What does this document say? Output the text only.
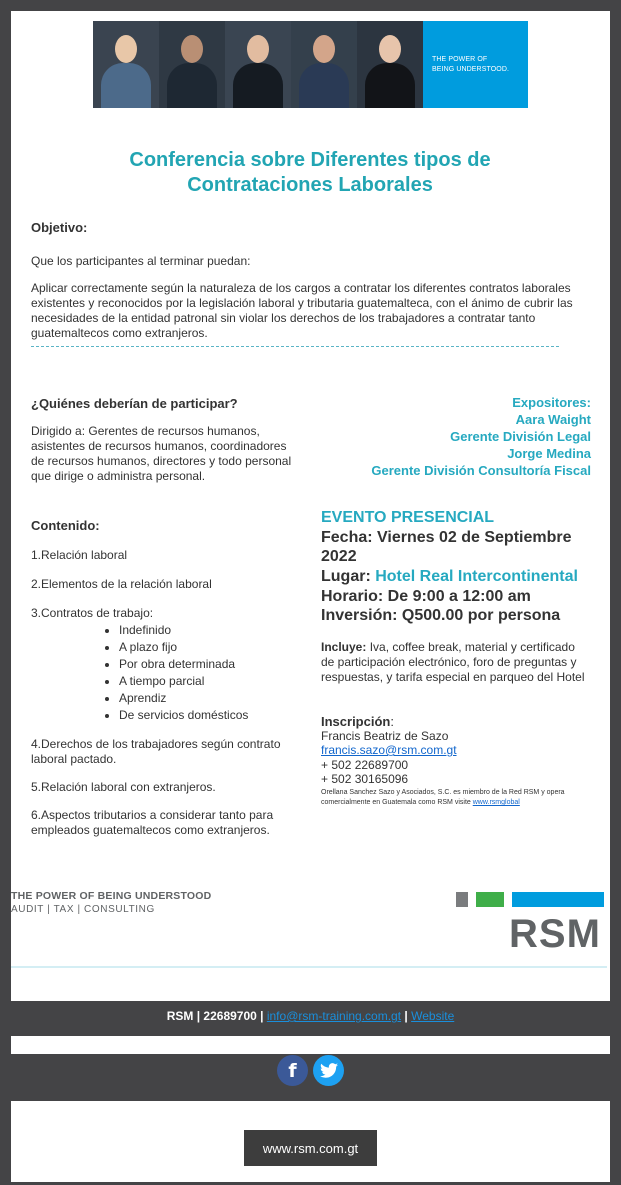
THE POWER OF
BEING UNDERSTOOD.
Conferencia sobre Diferentes tipos de
Contrataciones Laborales
Objetivo:
Que los participantes al terminar puedan:
Aplicar correctamente según la naturaleza de los cargos a contratar los diferentes contratos laborales existentes y reconocidos por la legislación laboral y tributaria guatemalteca, con el ánimo de cubrir las necesidades de la entidad patronal sin violar los derechos de los trabajadores a contratar tanto guatemaltecos como extranjeros.
¿Quiénes deberían de participar?
Dirigido a: Gerentes de recursos humanos, asistentes de recursos humanos, coordinadores de recursos humanos, directores y todo personal que dirige o administra personal.
Expositores:
Aara Waight
Gerente División Legal
Jorge Medina
Gerente División Consultoría Fiscal
Contenido:
1.Relación laboral
2.Elementos de la relación laboral
3.Contratos de trabajo:
• Indefinido
• A plazo fijo
• Por obra determinada
• A tiempo parcial
• Aprendiz
• De servicios domésticos
4.Derechos de los trabajadores según contrato laboral pactado.
5.Relación laboral con extranjeros.
6.Aspectos tributarios a considerar tanto para empleados guatemaltecos como extranjeros.
EVENTO PRESENCIAL
Fecha: Viernes 02 de Septiembre 2022
Lugar: Hotel Real Intercontinental
Horario: De 9:00 a 12:00 am
Inversión: Q500.00 por persona
Incluye: Iva, coffee break, material y certificado de participación electrónico, foro de preguntas y respuestas, y tarifa especial en parqueo del Hotel
Inscripción:
Francis Beatriz de Sazo
francis.sazo@rsm.com.gt
+ 502 22689700
+ 502 30165096
Orellana Sanchez Sazo y Asociados, S.C. es miembro de la Red RSM y opera comercialmente en Guatemala como RSM visite www.rsmglobal
THE POWER OF BEING UNDERSTOOD
AUDIT | TAX | CONSULTING
RSM
RSM | 22689700 | info@rsm-training.com.gt | Website
f
www.rsm.com.gt
